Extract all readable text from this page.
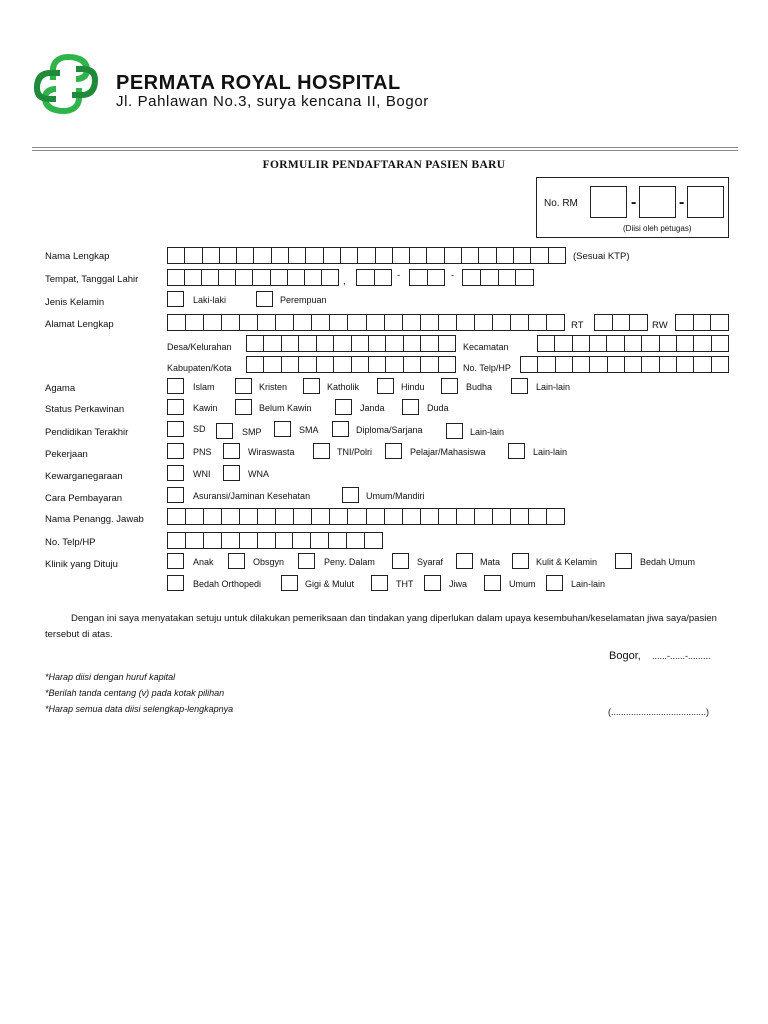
PERMATA ROYAL HOSPITAL
Jl. Pahlawan No.3, surya kencana II, Bogor
FORMULIR PENDAFTARAN PASIEN BARU
No. RM	-	-
(Diisi oleh petugas)
Nama Lengkap	(Sesuai KTP)
Tempat, Tanggal Lahir	,
-	-
Jenis Kelamin	Laki-laki	Perempuan
Alamat Lengkap	RT	RW
Desa/Kelurahan	Kecamatan
Kabupaten/Kota	No. Telp/HP
Agama	Islam	Kristen	Katholik	Hindu	Budha	Lain-lain
Status Perkawinan	Kawin	Belum Kawin	Janda	Duda
Pendidikan Terakhir	SD	SMP	SMA	Diploma/Sarjana	Lain-lain
Pekerjaan	PNS	Wiraswasta	TNI/Polri	Pelajar/Mahasiswa	Lain-lain
Kewarganegaraan	WNI	WNA
Cara Pembayaran	Asuransi/Jaminan Kesehatan	Umum/Mandiri
Nama Penangg. Jawab
No. Telp/HP
Klinik yang Dituju	Anak	Obsgyn	Peny. Dalam	Syaraf	Mata	Kulit & Kelamin	Bedah Umum
Bedah Orthopedi	Gigi & Mulut	THT	Jiwa	Umum	Lain-lain
Dengan ini saya menyatakan setuju untuk dilakukan pemeriksaan dan tindakan yang diperlukan dalam upaya kesembuhan/keselamatan jiwa saya/pasien tersebut di atas.
Bogor, ......-......-.........
(......................................)
*Harap diisi dengan huruf kapital
*Berilah tanda centang (v) pada kotak pilihan
*Harap semua data diisi selengkap-lengkapnya
